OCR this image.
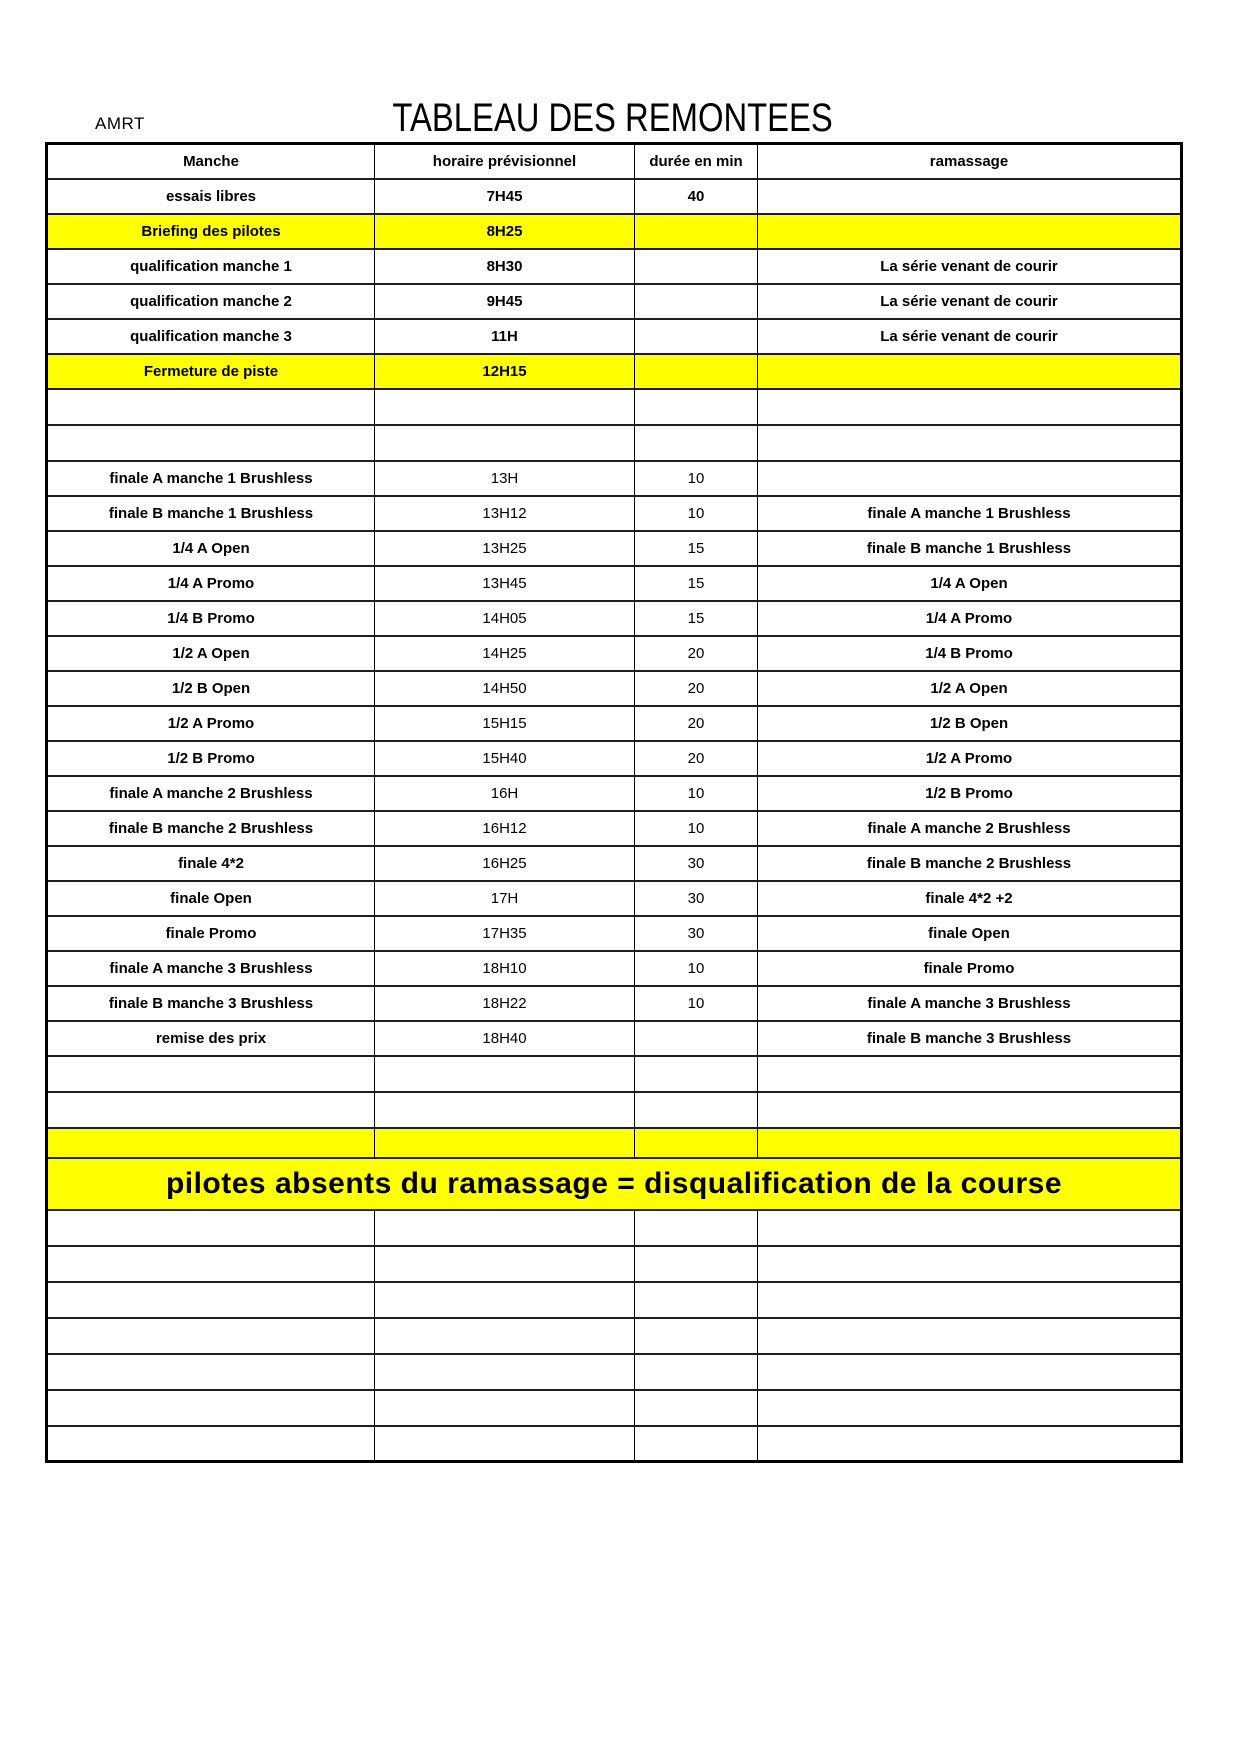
AMRT	TABLEAU DES REMONTEES
Manche	horaire prévisionnel	durée en min	ramassage
essais libres	7H45	40	
Briefing des pilotes	8H25		
qualification manche 1	8H30		La série venant de courir
qualification manche 2	9H45		La série venant de courir
qualification manche 3	11H		La série venant de courir
Fermeture de piste	12H15		

finale A manche 1 Brushless	13H	10	
finale B manche 1 Brushless	13H12	10	finale A manche 1 Brushless
1/4 A Open	13H25	15	finale B manche 1 Brushless
1/4 A Promo	13H45	15	1/4 A Open
1/4 B Promo	14H05	15	1/4 A Promo
1/2 A Open	14H25	20	1/4 B Promo
1/2 B Open	14H50	20	1/2 A Open
1/2 A Promo	15H15	20	1/2 B Open
1/2 B Promo	15H40	20	1/2 A Promo
finale A manche 2 Brushless	16H	10	1/2 B Promo
finale B manche 2 Brushless	16H12	10	finale A manche 2 Brushless
finale 4*2	16H25	30	finale B manche 2 Brushless
finale Open	17H	30	finale 4*2 +2
finale Promo	17H35	30	finale Open
finale A manche 3 Brushless	18H10	10	finale Promo
finale B manche 3 Brushless	18H22	10	finale A manche 3 Brushless
remise des prix	18H40		finale B manche 3 Brushless

pilotes absents du ramassage = disqualification de la course			
